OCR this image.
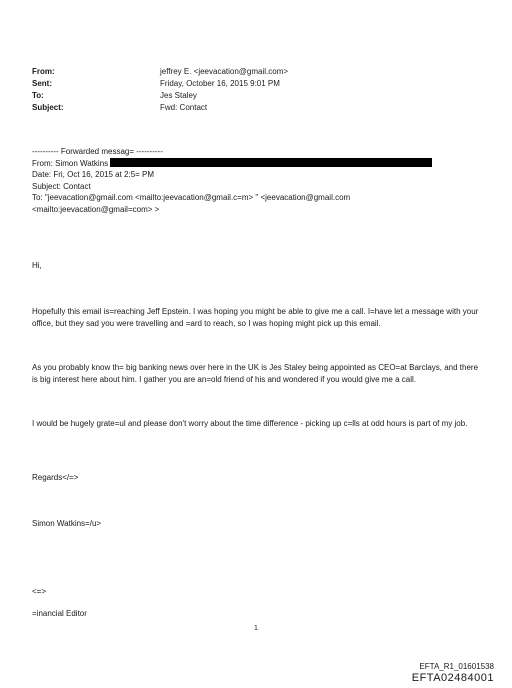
From:	jeffrey E. <jeevacation@gmail.com>
Sent:	Friday, October 16, 2015 9:01 PM
To:	Jes Staley
Subject:	Fwd: Contact
---------- Forwarded messag= ----------
From: Simon Watkins
Date: Fri, Oct 16, 2015 at 2:5= PM
Subject: Contact
To: "jeevacation@gmail.com <mailto:jeevacation@gmail.c=m> " <jeevacation@gmail.com
<mailto:jeevacation@gmail=com> >

Hi,

Hopefully this email is=reaching Jeff Epstein. I was hoping you might be able to give me a call. I=have let a message with your office, but they sad you were travelling and =ard to reach, so I was hoping might pick up this email.

As you probably know th= big banking news over here in the UK is Jes Staley being appointed as CEO=at Barclays, and there is big interest here about him. I gather you are an=old friend of his and wondered if you would give me a call.

I would be hugely grate=ul and please don't worry about the time difference - picking up c=lls at odd hours is part of my job.

Regards</=>

Simon Watkins=/u>

<=>

=inancial Editor

1
EFTA_R1_01601538
EFTA02484001
